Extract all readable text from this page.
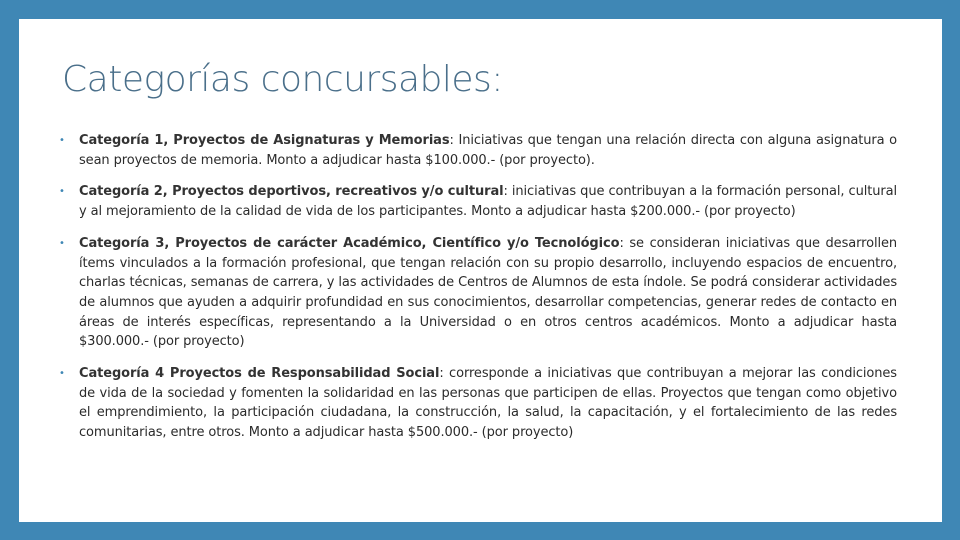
Categorías concursables:
• Categoría 1, Proyectos de Asignaturas y Memorias: Iniciativas que tengan una relación directa con alguna asignatura o sean proyectos de memoria. Monto a adjudicar hasta $100.000.- (por proyecto).
• Categoría 2, Proyectos deportivos, recreativos y/o cultural: iniciativas que contribuyan a la formación personal, cultural y al mejoramiento de la calidad de vida de los participantes. Monto a adjudicar hasta $200.000.- (por proyecto)
• Categoría 3, Proyectos de carácter Académico, Científico y/o Tecnológico: se consideran iniciativas que desarrollen ítems vinculados a la formación profesional, que tengan relación con su propio desarrollo, incluyendo espacios de encuentro, charlas técnicas, semanas de carrera, y las actividades de Centros de Alumnos de esta índole. Se podrá considerar actividades de alumnos que ayuden a adquirir profundidad en sus conocimientos, desarrollar competencias, generar redes de contacto en áreas de interés específicas, representando a la Universidad o en otros centros académicos. Monto a adjudicar hasta $300.000.- (por proyecto)
• Categoría 4 Proyectos de Responsabilidad Social: corresponde a iniciativas que contribuyan a mejorar las condiciones de vida de la sociedad y fomenten la solidaridad en las personas que participen de ellas. Proyectos que tengan como objetivo el emprendimiento, la participación ciudadana, la construcción, la salud, la capacitación, y el fortalecimiento de las redes comunitarias, entre otros. Monto a adjudicar hasta $500.000.- (por proyecto)
